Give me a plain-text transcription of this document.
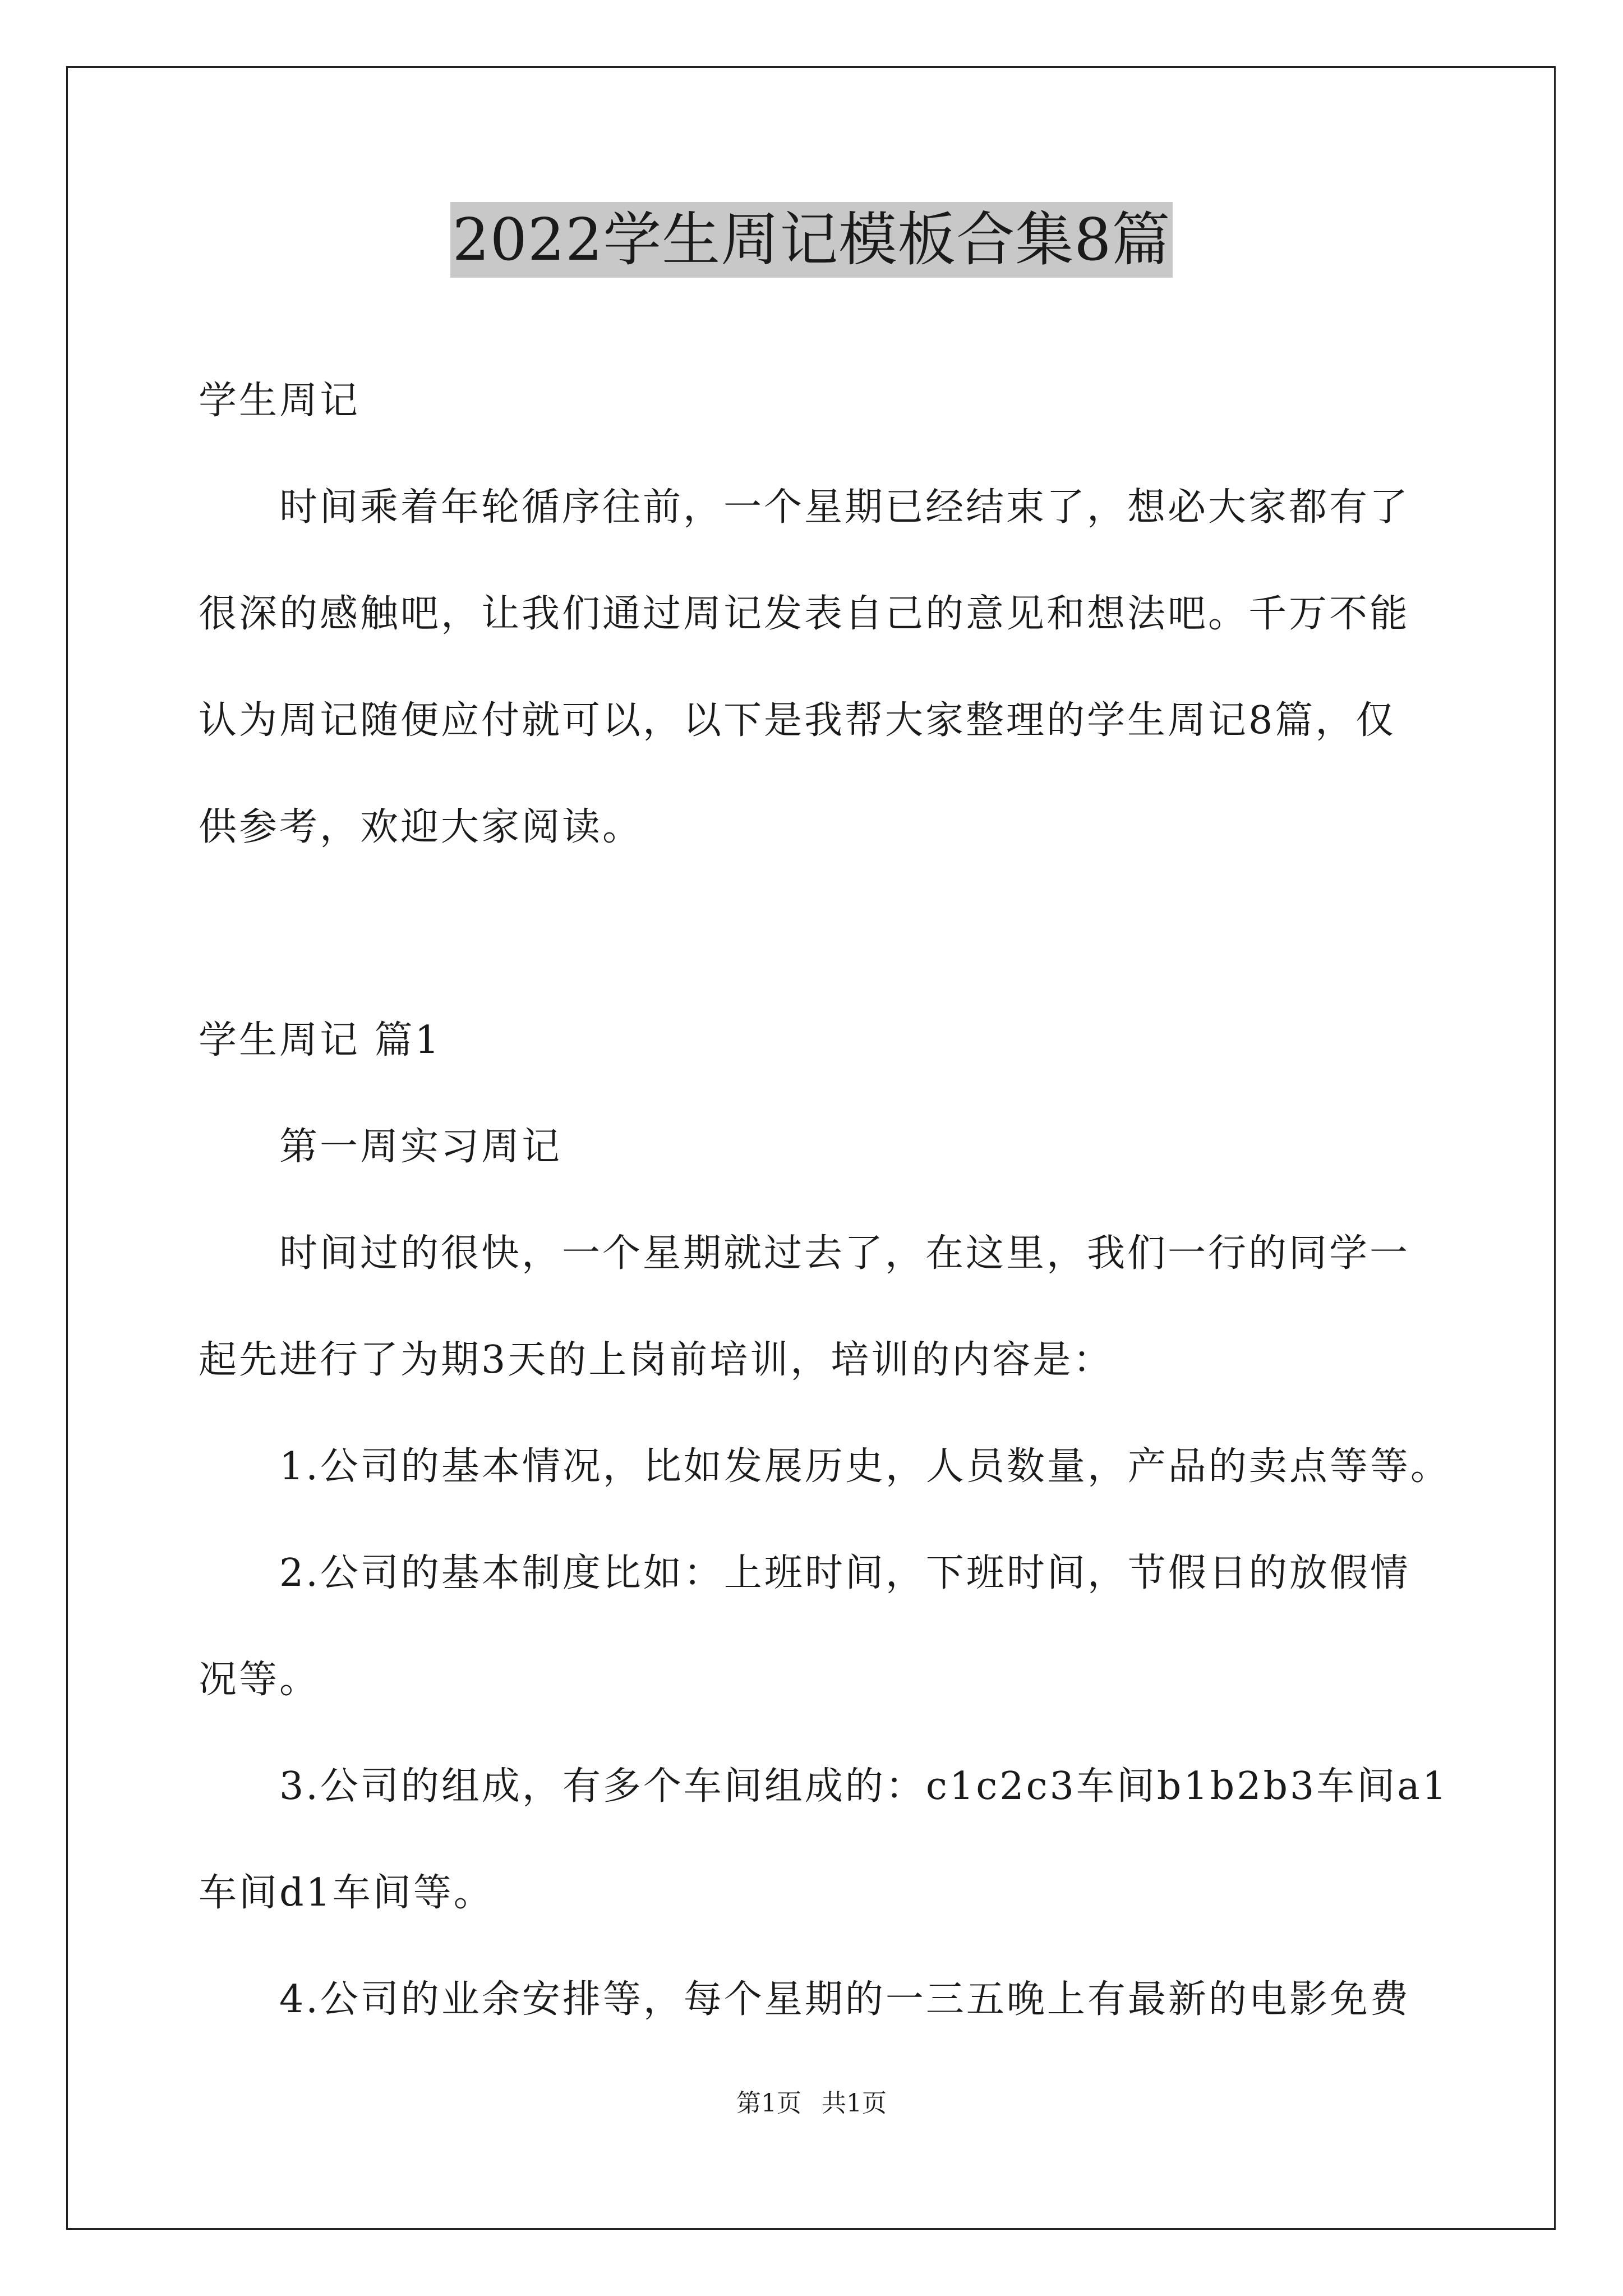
2022学生周记模板合集8篇

学生周记

时间乘着年轮循序往前，一个星期已经结束了，想必大家都有了

很深的感触吧，让我们通过周记发表自己的意见和想法吧。千万不能

认为周记随便应付就可以，以下是我帮大家整理的学生周记8篇，仅

供参考，欢迎大家阅读。

学生周记 篇1

第一周实习周记

时间过的很快，一个星期就过去了，在这里，我们一行的同学一

起先进行了为期3天的上岗前培训，培训的内容是：

1.公司的基本情况，比如发展历史，人员数量，产品的卖点等等。

2.公司的基本制度比如：上班时间，下班时间，节假日的放假情

况等。

3.公司的组成，有多个车间组成的：c1c2c3车间b1b2b3车间a1

车间d1车间等。

4.公司的业余安排等，每个星期的一三五晚上有最新的电影免费

第1页 共1页
